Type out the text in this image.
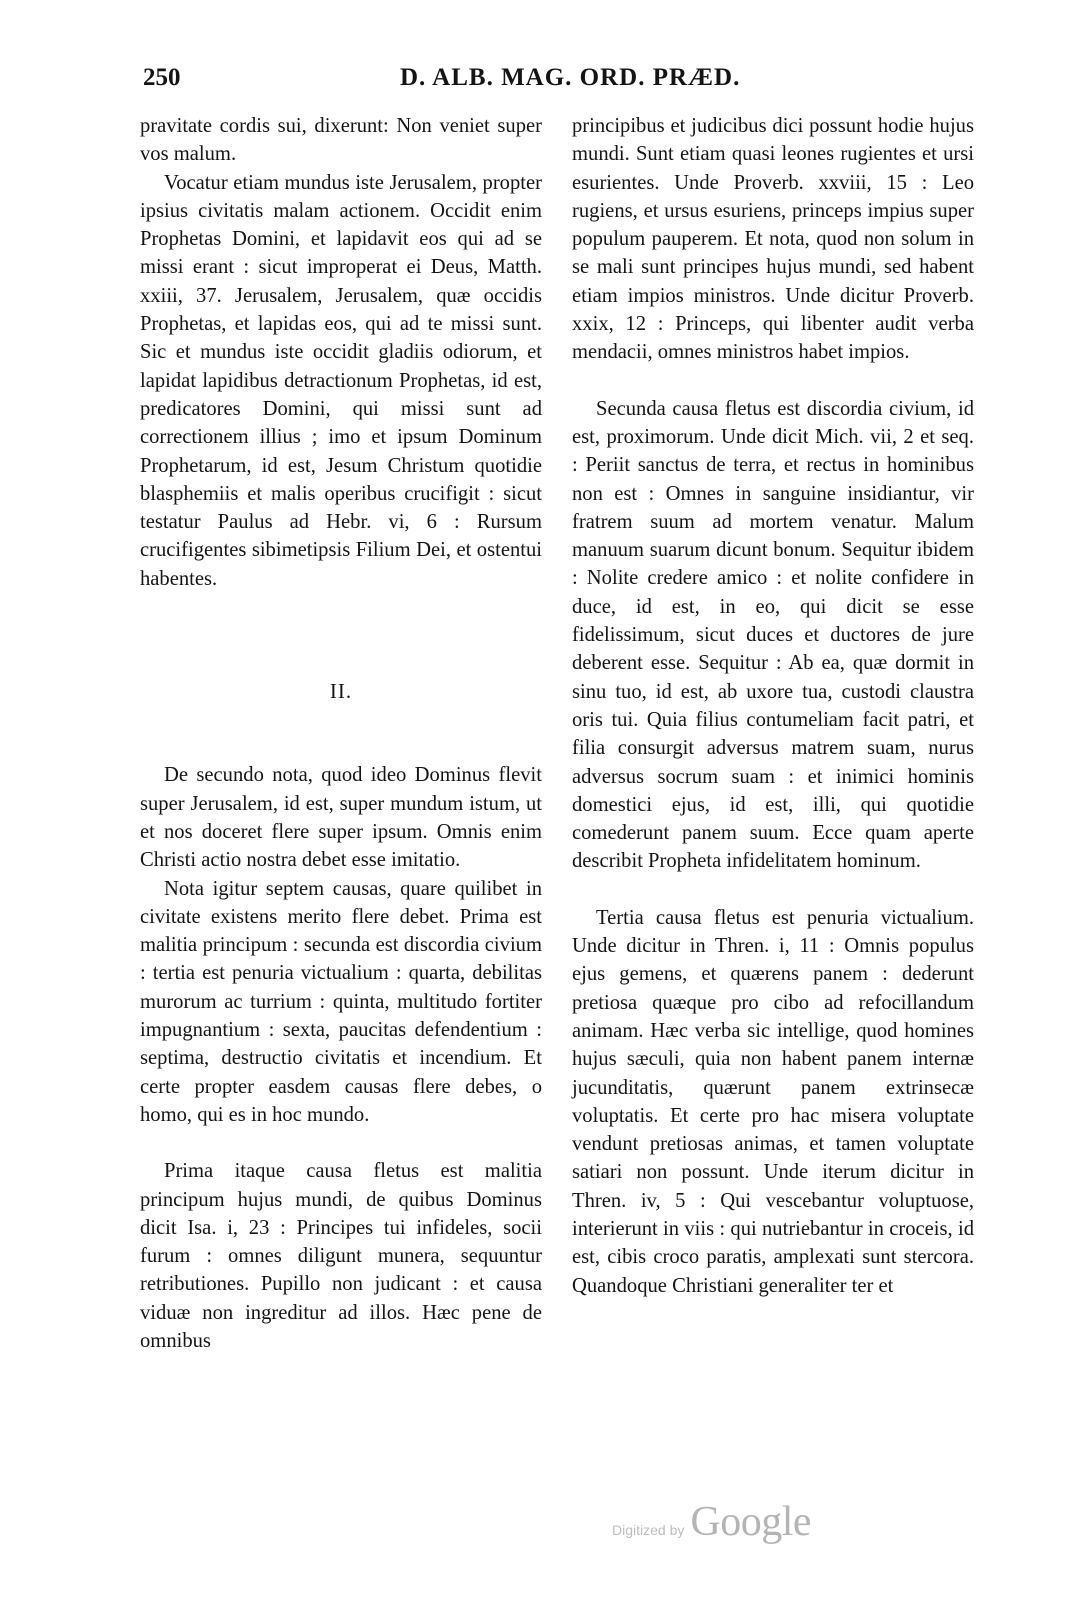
250	D. ALB. MAG. ORD. PRÆD.

pravitate cordis sui, dixerunt: Non veniet super vos malum.

Vocatur etiam mundus iste Jerusalem, propter ipsius civitatis malam actionem. Occidit enim Prophetas Domini, et lapidavit eos qui ad se missi erant : sicut improperat ei Deus, Matth. xxiii, 37. Jerusalem, Jerusalem, quæ occidis Prophetas, et lapidas eos, qui ad te missi sunt. Sic et mundus iste occidit gladiis odiorum, et lapidat lapidibus detractionum Prophetas, id est, predicatores Domini, qui missi sunt ad correctionem illius ; imo et ipsum Dominum Prophetarum, id est, Jesum Christum quotidie blasphemiis et malis operibus crucifigit : sicut testatur Paulus ad Hebr. vi, 6 : Rursum crucifigentes sibimetipsis Filium Dei, et ostentui habentes.

II.

De secundo nota, quod ideo Dominus flevit super Jerusalem, id est, super mundum istum, ut et nos doceret flere super ipsum. Omnis enim Christi actio nostra debet esse imitatio.

Nota igitur septem causas, quare quilibet in civitate existens merito flere debet. Prima est malitia principum : secunda est discordia civium : tertia est penuria victualium : quarta, debilitas murorum ac turrium : quinta, multitudo fortiter impugnantium : sexta, paucitas defendentium : septima, destructio civitatis et incendium. Et certe propter easdem causas flere debes, o homo, qui es in hoc mundo.

Prima itaque causa fletus est malitia principum hujus mundi, de quibus Dominus dicit Isa. i, 23 : Principes tui infideles, socii furum : omnes diligunt munera, sequuntur retributiones. Pupillo non judicant : et causa viduæ non ingreditur ad illos. Hæc pene de omnibus

principibus et judicibus dici possunt hodie hujus mundi. Sunt etiam quasi leones rugientes et ursi esurientes. Unde Proverb. xxviii, 15 : Leo rugiens, et ursus esuriens, princeps impius super populum pauperem. Et nota, quod non solum in se mali sunt principes hujus mundi, sed habent etiam impios ministros. Unde dicitur Proverb. xxix, 12 : Princeps, qui libenter audit verba mendacii, omnes ministros habet impios.

Secunda causa fletus est discordia civium, id est, proximorum. Unde dicit Mich. vii, 2 et seq. : Periit sanctus de terra, et rectus in hominibus non est : Omnes in sanguine insidiantur, vir fratrem suum ad mortem venatur. Malum manuum suarum dicunt bonum. Sequitur ibidem : Nolite credere amico : et nolite confidere in duce, id est, in eo, qui dicit se esse fidelissimum, sicut duces et ductores de jure deberent esse. Sequitur : Ab ea, quæ dormit in sinu tuo, id est, ab uxore tua, custodi claustra oris tui. Quia filius contumeliam facit patri, et filia consurgit adversus matrem suam, nurus adversus socrum suam : et inimici hominis domestici ejus, id est, illi, qui quotidie comederunt panem suum. Ecce quam aperte describit Propheta infidelitatem hominum.

Tertia causa fletus est penuria victualium. Unde dicitur in Thren. i, 11 : Omnis populus ejus gemens, et quærens panem : dederunt pretiosa quæque pro cibo ad refocillandum animam. Hæc verba sic intellige, quod homines hujus sæculi, quia non habent panem internæ jucunditatis, quærunt panem extrinsecæ voluptatis. Et certe pro hac misera voluptate vendunt pretiosas animas, et tamen voluptate satiari non possunt. Unde iterum dicitur in Thren. iv, 5 : Qui vescebantur voluptuose, interierunt in viis : qui nutriebantur in croceis, id est, cibis croco paratis, amplexati sunt stercora. Quandoque Christiani generaliter ter et

Digitized by Google
